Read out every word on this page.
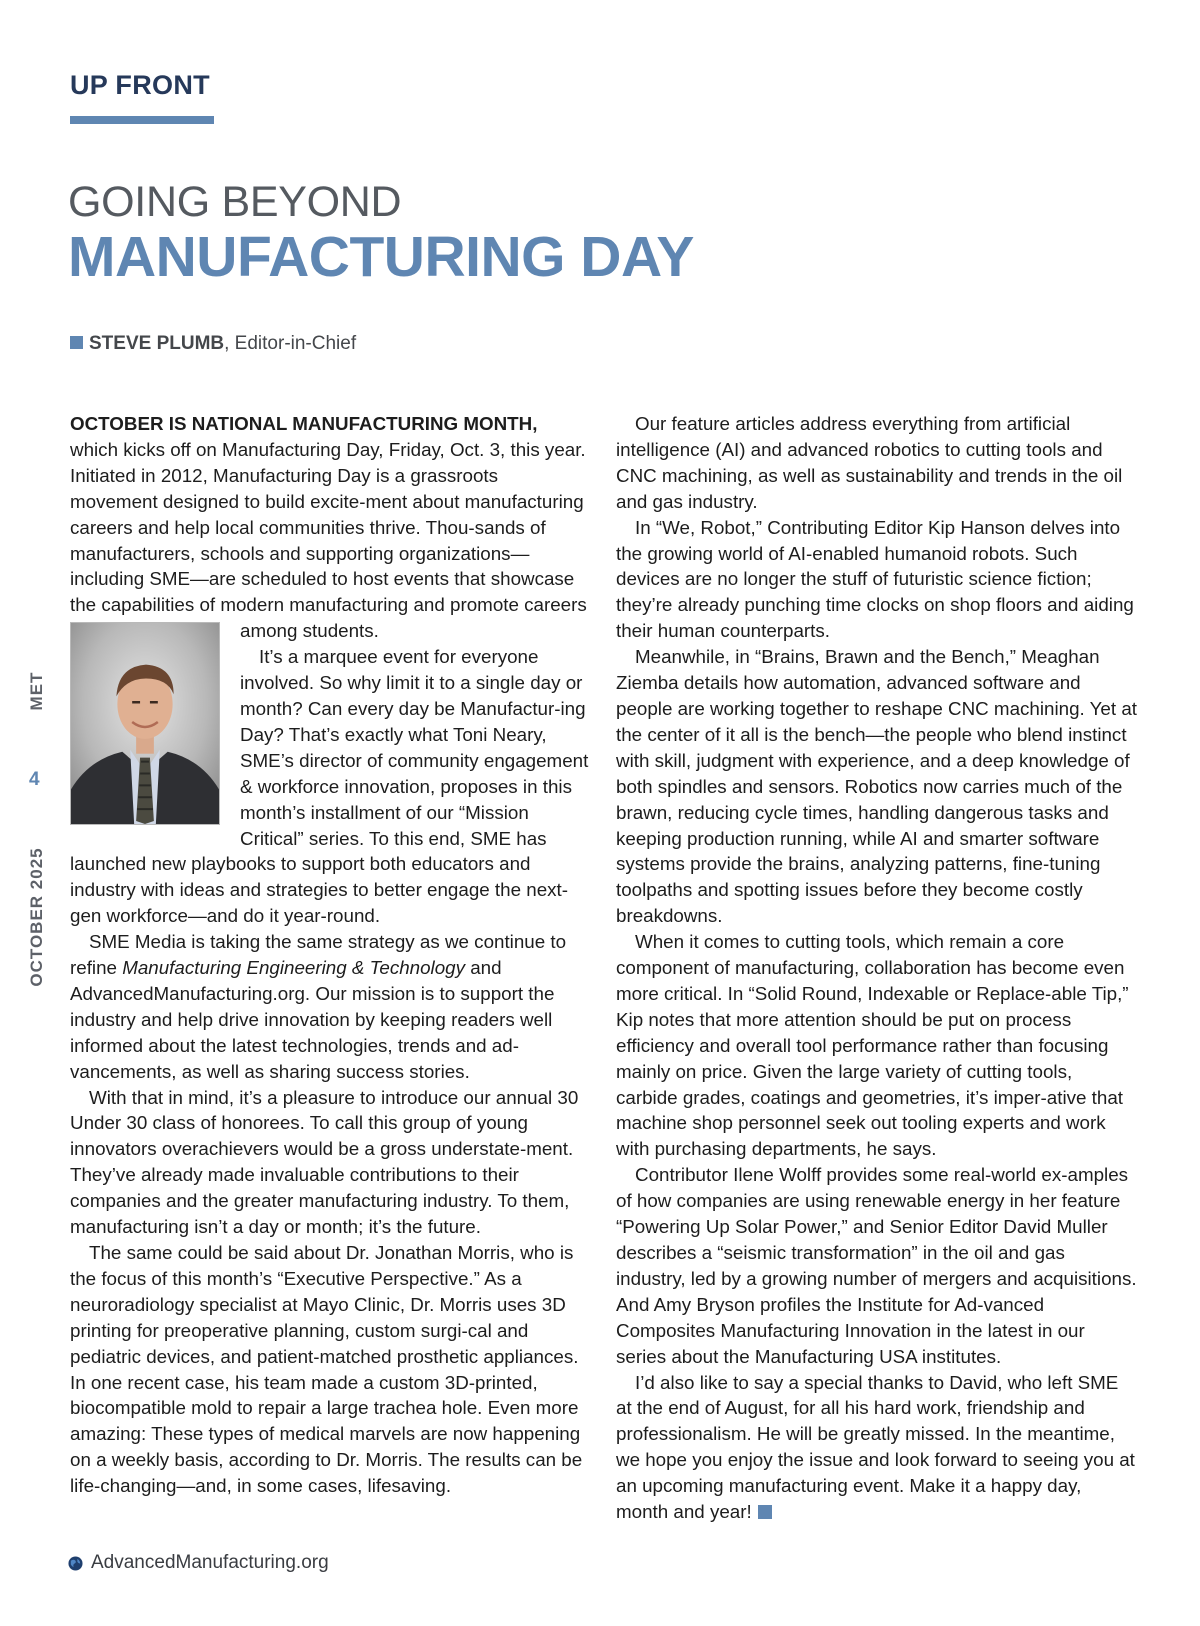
UP FRONT
GOING BEYOND
MANUFACTURING DAY
STEVE PLUMB, Editor-in-Chief
MET
4
OCTOBER 2025

OCTOBER IS NATIONAL MANUFACTURING MONTH, which kicks off on Manufacturing Day, Friday, Oct. 3, this year. Initiated in 2012, Manufacturing Day is a grassroots movement designed to build excite-ment about manufacturing careers and help local communities thrive. Thou-sands of manufacturers, schools and supporting organizations—including SME—are scheduled to host events that showcase the capabilities of modern manufacturing and promote careers among students.

It’s a marquee event for everyone involved. So why limit it to a single day or month? Can every day be Manufactur-ing Day? That’s exactly what Toni Neary, SME’s director of community engagement & workforce innovation, proposes in this month’s installment of our “Mission Critical” series. To this end, SME has launched new playbooks to support both educators and industry with ideas and strategies to better engage the next-gen workforce—and do it year-round.

SME Media is taking the same strategy as we continue to refine Manufacturing Engineering & Technology and AdvancedManufacturing.org. Our mission is to support the industry and help drive innovation by keeping readers well informed about the latest technologies, trends and ad-vancements, as well as sharing success stories.

With that in mind, it’s a pleasure to introduce our annual 30 Under 30 class of honorees. To call this group of young innovators overachievers would be a gross understate-ment. They’ve already made invaluable contributions to their companies and the greater manufacturing industry. To them, manufacturing isn’t a day or month; it’s the future.

The same could be said about Dr. Jonathan Morris, who is the focus of this month’s “Executive Perspective.” As a neuroradiology specialist at Mayo Clinic, Dr. Morris uses 3D printing for preoperative planning, custom surgi-cal and pediatric devices, and patient-matched prosthetic appliances. In one recent case, his team made a custom 3D-printed, biocompatible mold to repair a large trachea hole. Even more amazing: These types of medical marvels are now happening on a weekly basis, according to Dr. Morris. The results can be life-changing—and, in some cases, lifesaving.

Our feature articles address everything from artificial intelligence (AI) and advanced robotics to cutting tools and CNC machining, as well as sustainability and trends in the oil and gas industry.

In “We, Robot,” Contributing Editor Kip Hanson delves into the growing world of AI-enabled humanoid robots. Such devices are no longer the stuff of futuristic science fiction; they’re already punching time clocks on shop floors and aiding their human counterparts.

Meanwhile, in “Brains, Brawn and the Bench,” Meaghan Ziemba details how automation, advanced software and people are working together to reshape CNC machining. Yet at the center of it all is the bench—the people who blend instinct with skill, judgment with experience, and a deep knowledge of both spindles and sensors. Robotics now carries much of the brawn, reducing cycle times, handling dangerous tasks and keeping production running, while AI and smarter software systems provide the brains, analyzing patterns, fine-tuning toolpaths and spotting issues before they become costly breakdowns.

When it comes to cutting tools, which remain a core component of manufacturing, collaboration has become even more critical. In “Solid Round, Indexable or Replace-able Tip,” Kip notes that more attention should be put on process efficiency and overall tool performance rather than focusing mainly on price. Given the large variety of cutting tools, carbide grades, coatings and geometries, it’s imper-ative that machine shop personnel seek out tooling experts and work with purchasing departments, he says.

Contributor Ilene Wolff provides some real-world ex-amples of how companies are using renewable energy in her feature “Powering Up Solar Power,” and Senior Editor David Muller describes a “seismic transformation” in the oil and gas industry, led by a growing number of mergers and acquisitions. And Amy Bryson profiles the Institute for Ad-vanced Composites Manufacturing Innovation in the latest in our series about the Manufacturing USA institutes.

I’d also like to say a special thanks to David, who left SME at the end of August, for all his hard work, friendship and professionalism. He will be greatly missed. In the meantime, we hope you enjoy the issue and look forward to seeing you at an upcoming manufacturing event. Make it a happy day, month and year!

AdvancedManufacturing.org
